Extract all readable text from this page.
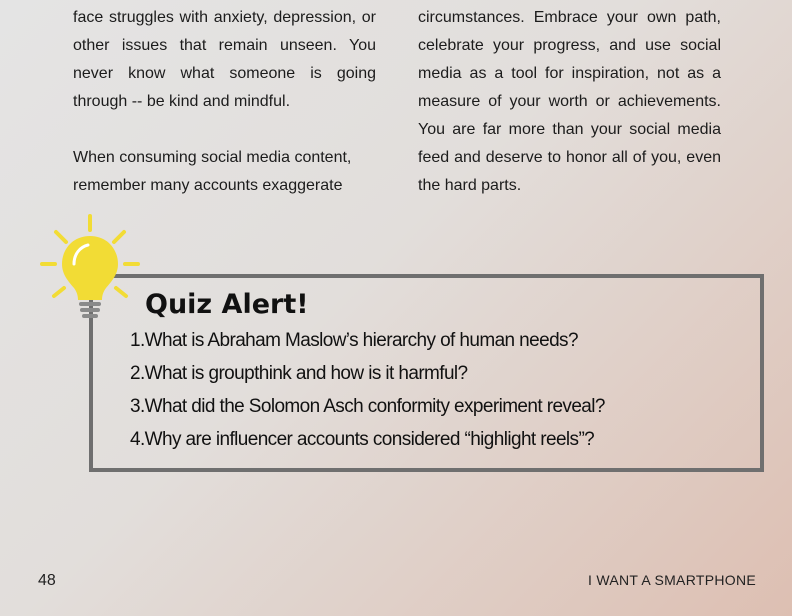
face struggles with anxiety, depression, or other issues that remain unseen. You never know what someone is going through -- be kind and mindful.

When consuming social media content, remember many accounts exaggerate

circumstances. Embrace your own path, celebrate your progress, and use social media as a tool for inspiration, not as a measure of your worth or achievements. You are far more than your social media feed and deserve to honor all of you, even the hard parts.

Quiz Alert!
1.What is Abraham Maslow’s hierarchy of human needs?
2.What is groupthink and how is it harmful?
3.What did the Solomon Asch conformity experiment reveal?
4.Why are influencer accounts considered “highlight reels”?
48	I WANT A SMARTPHONE
